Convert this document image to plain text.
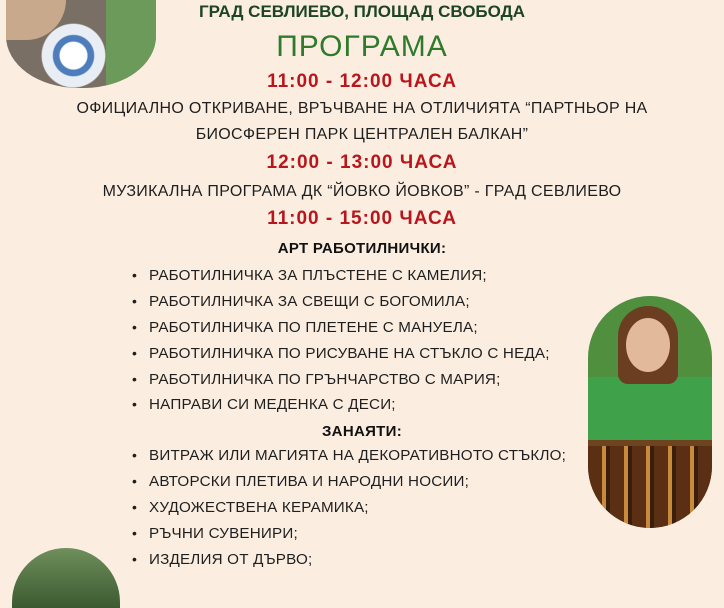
ГРАД СЕВЛИЕВО, ПЛОЩАД СВОБОДА
ПРОГРАМА
11:00 - 12:00 ЧАСА
ОФИЦИАЛНО ОТКРИВАНЕ, ВРЪЧВАНЕ НА ОТЛИЧИЯТА “ПАРТНЬОР НА
БИОСФЕРЕН ПАРК ЦЕНТРАЛЕН БАЛКАН”
12:00 - 13:00 ЧАСА
МУЗИКАЛНА ПРОГРАМА ДК “ЙОВКО ЙОВКОВ” - ГРАД СЕВЛИЕВО
11:00 - 15:00 ЧАСА
АРТ РАБОТИЛНИЧКИ:
• РАБОТИЛНИЧКА ЗА ПЛЪСТЕНЕ С КАМЕЛИЯ;
• РАБОТИЛНИЧКА ЗА СВЕЩИ С БОГОМИЛА;
• РАБОТИЛНИЧКА ПО ПЛЕТЕНЕ С МАНУЕЛА;
• РАБОТИЛНИЧКА ПО РИСУВАНЕ НА СТЪКЛО С НЕДА;
• РАБОТИЛНИЧКА ПО ГРЪНЧАРСТВО С МАРИЯ;
• НАПРАВИ СИ МЕДЕНКА С ДЕСИ;
ЗАНАЯТИ:
• ВИТРАЖ ИЛИ МАГИЯТА НА ДЕКОРАТИВНОТО СТЪКЛО;
• АВТОРСКИ ПЛЕТИВА И НАРОДНИ НОСИИ;
• ХУДОЖЕСТВЕНА КЕРАМИКА;
• РЪЧНИ СУВЕНИРИ;
• ИЗДЕЛИЯ ОТ ДЪРВО;
